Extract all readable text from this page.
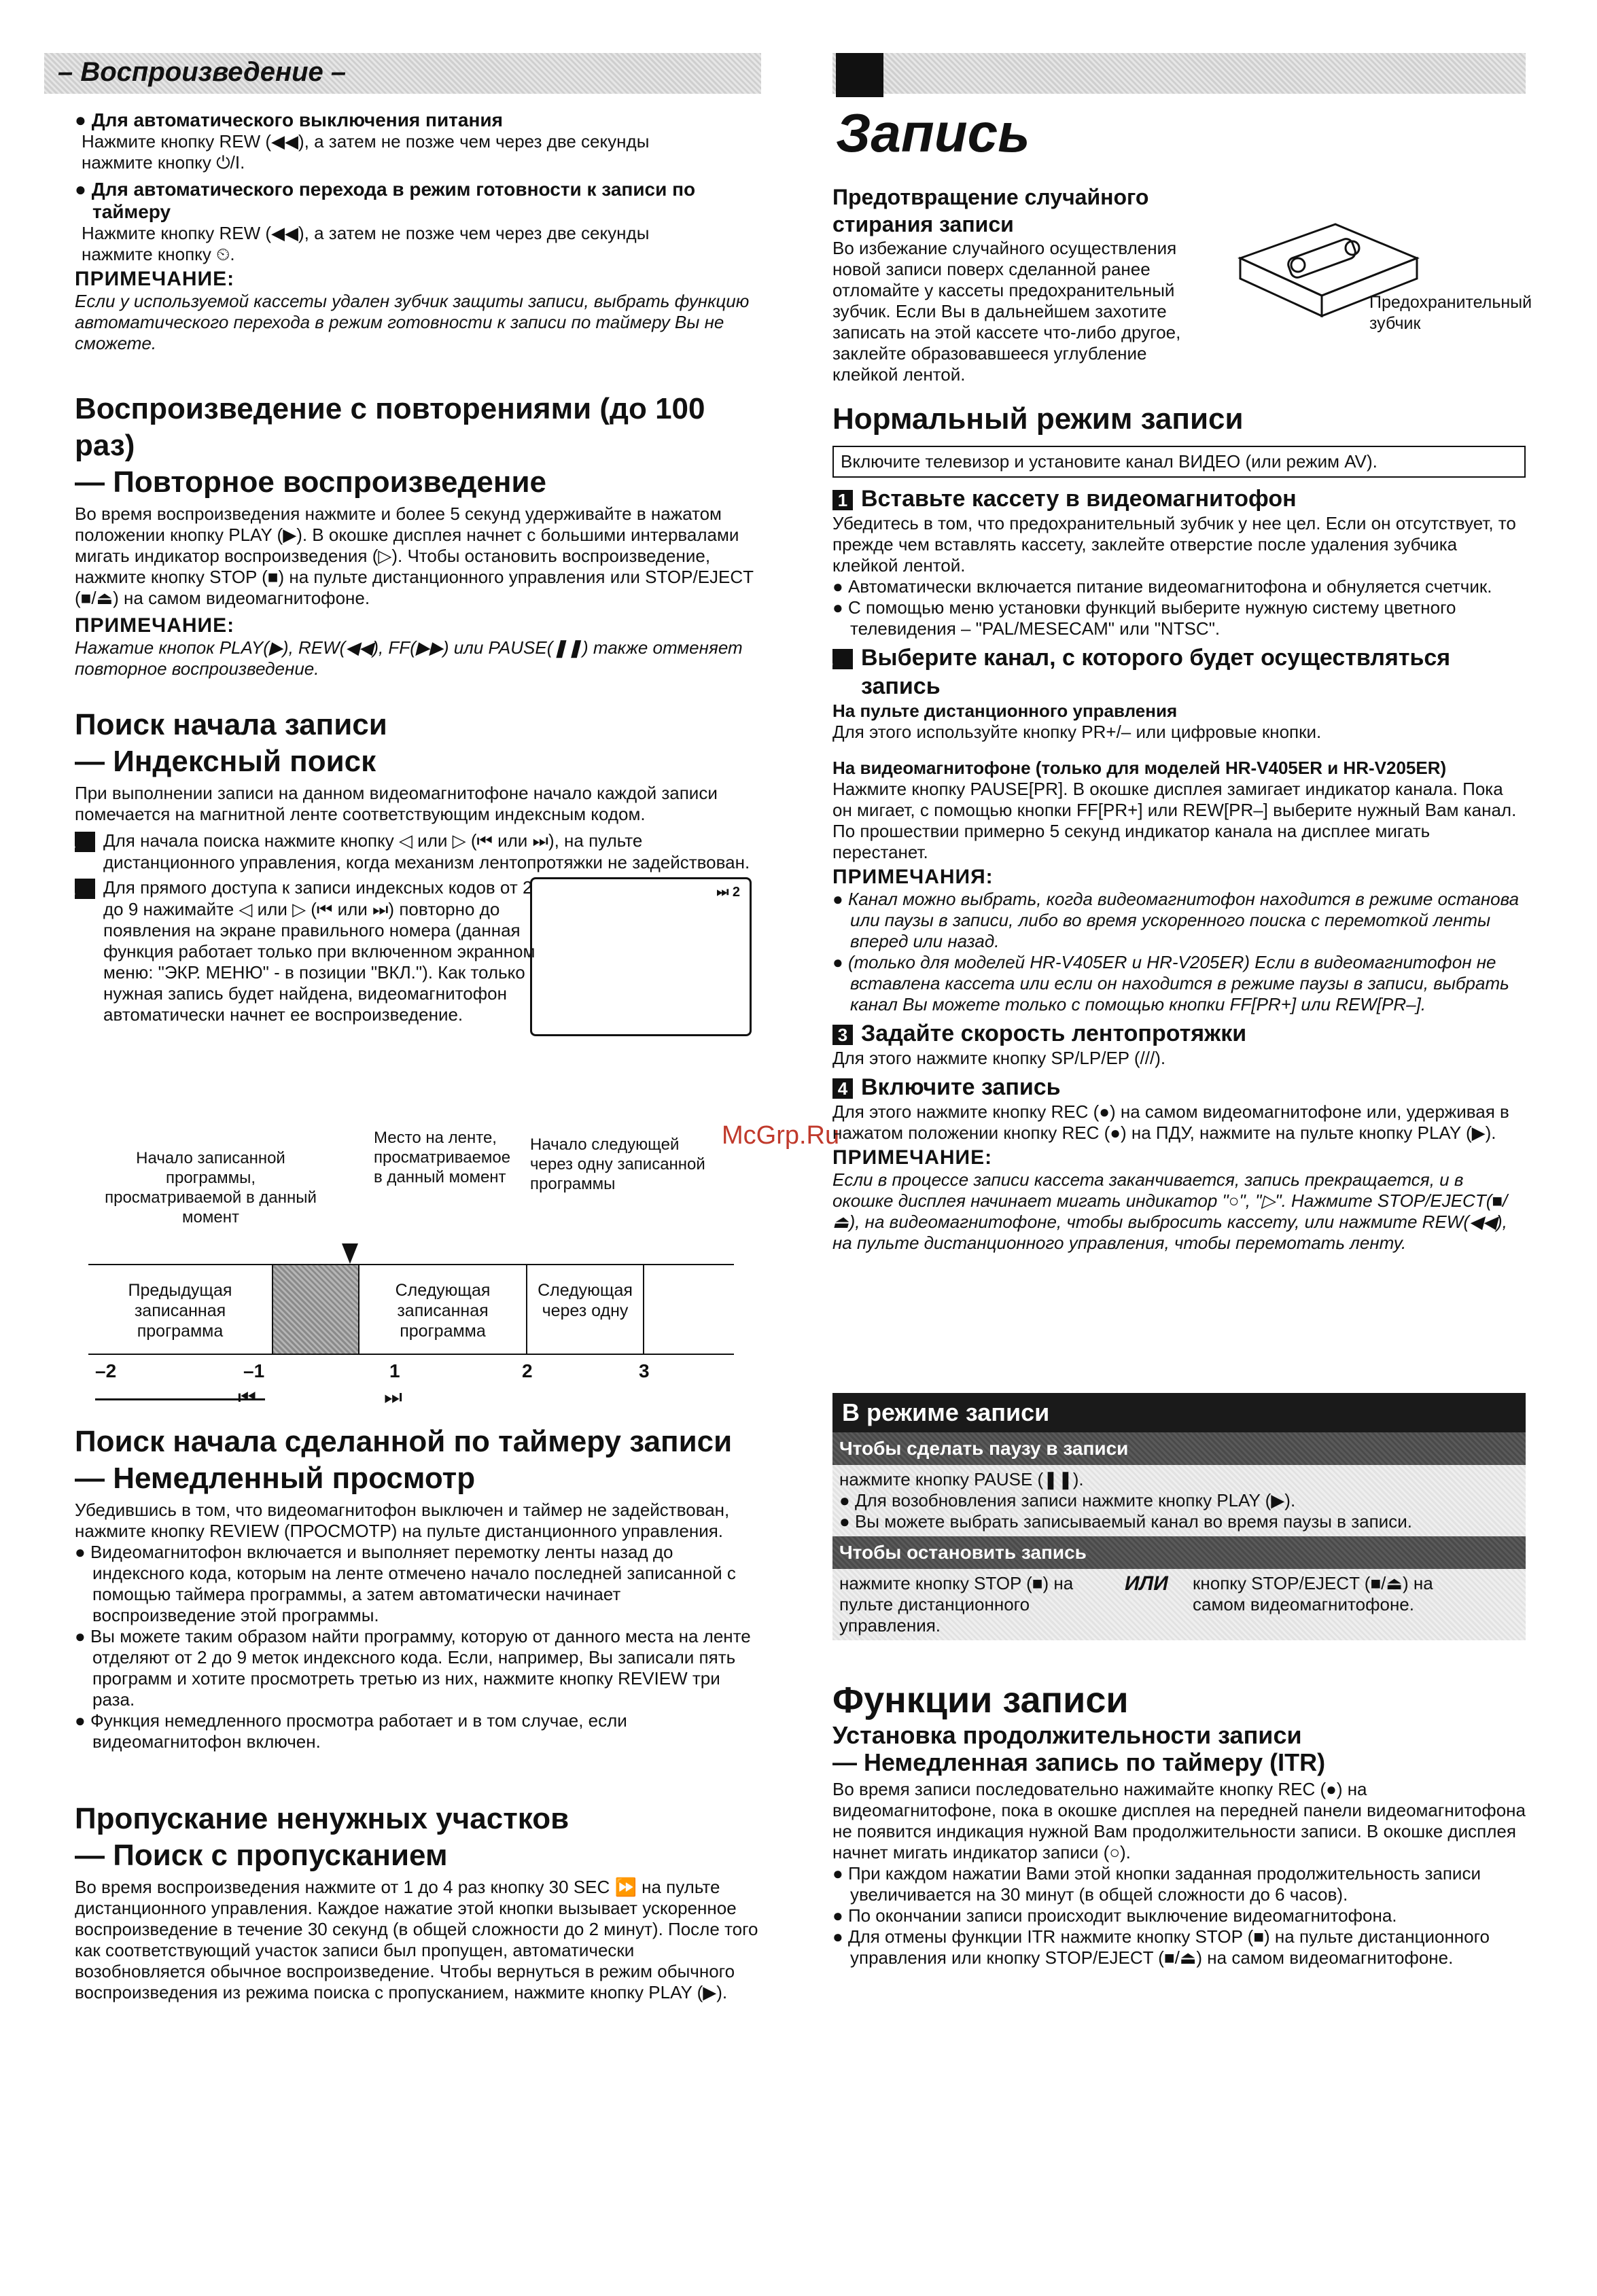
– Воспроизведение –
McGrp.Ru

● Для автоматического выключения питания

Нажмите кнопку REW (◀◀), а затем не позже чем через две секунды

нажмите кнопку ⏻/I.

● Для автоматического перехода в режим готовности к записи по таймеру

Нажмите кнопку REW (◀◀), а затем не позже чем через две секунды

нажмите кнопку ⏲.

ПРИМЕЧАНИЕ:

Если у используемой кассеты удален зубчик защиты записи, выбрать функцию автоматического перехода в режим готовности к записи по таймеру Вы не сможете.

Воспроизведение с повторениями (до 100 раз)

— Повторное воспроизведение

Во время воспроизведения нажмите и более 5 секунд удерживайте в нажатом положении кнопку PLAY (▶). В окошке дисплея начнет с большими интервалами мигать индикатор воспроизведения (▷). Чтобы остановить воспроизведение, нажмите кнопку STOP (■) на пульте дистанционного управления или STOP/EJECT (■/⏏) на самом видеомагнитофоне.

ПРИМЕЧАНИЕ:

Нажатие кнопок PLAY(▶), REW(◀◀), FF(▶▶) или PAUSE(❚❚) также отменяет повторное воспроизведение.

Поиск начала записи

— Индексный поиск

При выполнении записи на данном видеомагнитофоне начало каждой записи помечается на магнитной ленте соответствующим индексным кодом.

1 Для начала поиска нажмите кнопку ◁ или ▷ (⏮ или ⏭), на пульте дистанционного управления, когда механизм лентопротяжки не задействован.

2 Для прямого доступа к записи индексных кодов от 2 до 9 нажимайте ◁ или ▷ (⏮ или ⏭) повторно до появления на экране правильного номера (данная функция работает только при включенном экранном меню: "ЭКР. МЕНЮ" - в позиции "ВКЛ."). Как только нужная запись будет найдена, видеомагнитофон автоматически начнет ее воспроизведение.

⏭ 2

Начало записанной программы, просматриваемой в данный момент

Место на ленте, просматриваемое в данный момент

Начало следующей через одну записанной программы

Предыдущая записанная программа

Следующая записанная программа

Следующая через одну

–2	–1	1	2	3
⏮	⏭

Поиск начала сделанной по таймеру записи

— Немедленный просмотр

Убедившись в том, что видеомагнитофон выключен и таймер не задействован, нажмите кнопку REVIEW (ПРОСМОТР) на пульте дистанционного управления.

● Видеомагнитофон включается и выполняет перемотку ленты назад до индексного кода, которым на ленте отмечено начало последней записанной с помощью таймера программы, а затем автоматически начинает воспроизведение этой программы.

● Вы можете таким образом найти программу, которую от данного места на ленте отделяют от 2 до 9 меток индексного кода. Если, например, Вы записали пять программ и хотите просмотреть третью из них, нажмите кнопку REVIEW три раза.

● Функция немедленного просмотра работает и в том случае, если видеомагнитофон включен.

Пропускание ненужных участков

— Поиск с пропусканием

Во время воспроизведения нажмите от 1 до 4 раз кнопку 30 SEC ⏩ на пульте дистанционного управления. Каждое нажатие этой кнопки вызывает ускоренное воспроизведение в течение 30 секунд (в общей сложности до 2 минут). После того как соответствующий участок записи был пропущен, автоматически возобновляется обычное воспроизведение. Чтобы вернуться в режим обычного воспроизведения из режима поиска с пропусканием, нажмите кнопку PLAY (▶).

Запись

Предотвращение случайного стирания записи

Во избежание случайного осуществления новой записи поверх сделанной ранее отломайте у кассеты предохранительный зубчик. Если Вы в дальнейшем захотите записать на этой кассете что-либо другое, заклейте образовавшееся углубление клейкой лентой.

Предохранительный зубчик

Нормальный режим записи

Включите телевизор и установите канал ВИДЕО (или режим AV).

1 Вставьте кассету в видеомагнитофон

Убедитесь в том, что предохранительный зубчик у нее цел. Если он отсутствует, то прежде чем вставлять кассету, заклейте отверстие после удаления зубчика клейкой лентой.

● Автоматически включается питание видеомагнитофона и обнуляется счетчик.

● С помощью меню установки функций выберите нужную систему цветного телевидения – "PAL/MESECAM" или "NTSC".

2 Выберите канал, с которого будет осуществляться запись

На пульте дистанционного управления

Для этого используйте кнопку PR+/– или цифровые кнопки.

На видеомагнитофоне (только для моделей HR-V405ER и HR-V205ER)

Нажмите кнопку PAUSE[PR]. В окошке дисплея замигает индикатор канала. Пока он мигает, с помощью кнопки FF[PR+] или REW[PR–] выберите нужный Вам канал. По прошествии примерно 5 секунд индикатор канала на дисплее мигать перестанет.

ПРИМЕЧАНИЯ:

● Канал можно выбрать, когда видеомагнитофон находится в режиме останова или паузы в записи, либо во время ускоренного поиска с перемоткой ленты вперед или назад.

● (только для моделей HR-V405ER и HR-V205ER) Если в видеомагнитофон не вставлена кассета или если он находится в режиме паузы в записи, выбрать канал Вы можете только с помощью кнопки FF[PR+] или REW[PR–].

3 Задайте скорость лентопротяжки

Для этого нажмите кнопку SP/LP/EP (/‍/‍/).

4 Включите запись

Для этого нажмите кнопку REC (●) на самом видеомагнитофоне или, удерживая в нажатом положении кнопку REC (●) на ПДУ, нажмите на пульте кнопку PLAY (▶).

ПРИМЕЧАНИЕ:

Если в процессе записи кассета заканчивается, запись прекращается, и в окошке дисплея начинает мигать индикатор "○", "▷". Нажмите STOP/EJECT(■/⏏), на видеомагнитофоне, чтобы выбросить кассету, или нажмите REW(◀◀), на пульте дистанционного управления, чтобы перемотать ленту.

В режиме записи
Чтобы сделать паузу в записи

нажмите кнопку PAUSE (❚❚).

● Для возобновления записи нажмите кнопку PLAY (▶).

● Вы можете выбрать записываемый канал во время паузы в записи.

Чтобы остановить запись

нажмите кнопку STOP (■) на пульте дистанционного управления.

ИЛИ	кнопку STOP/EJECT (■/⏏) на самом видеомагнитофоне.

Функции записи

Установка продолжительности записи

— Немедленная запись по таймеру (ITR)

Во время записи последовательно нажимайте кнопку REC (●) на видеомагнитофоне, пока в окошке дисплея на передней панели видеомагнитофона не появится индикация нужной Вам продолжительности записи. В окошке дисплея начнет мигать индикатор записи (○).

● При каждом нажатии Вами этой кнопки заданная продолжительность записи увеличивается на 30 минут (в общей сложности до 6 часов).

● По окончании записи происходит выключение видеомагнитофона.

● Для отмены функции ITR нажмите кнопку STOP (■) на пульте дистанционного управления или кнопку STOP/EJECT (■/⏏) на самом видеомагнитофоне.
